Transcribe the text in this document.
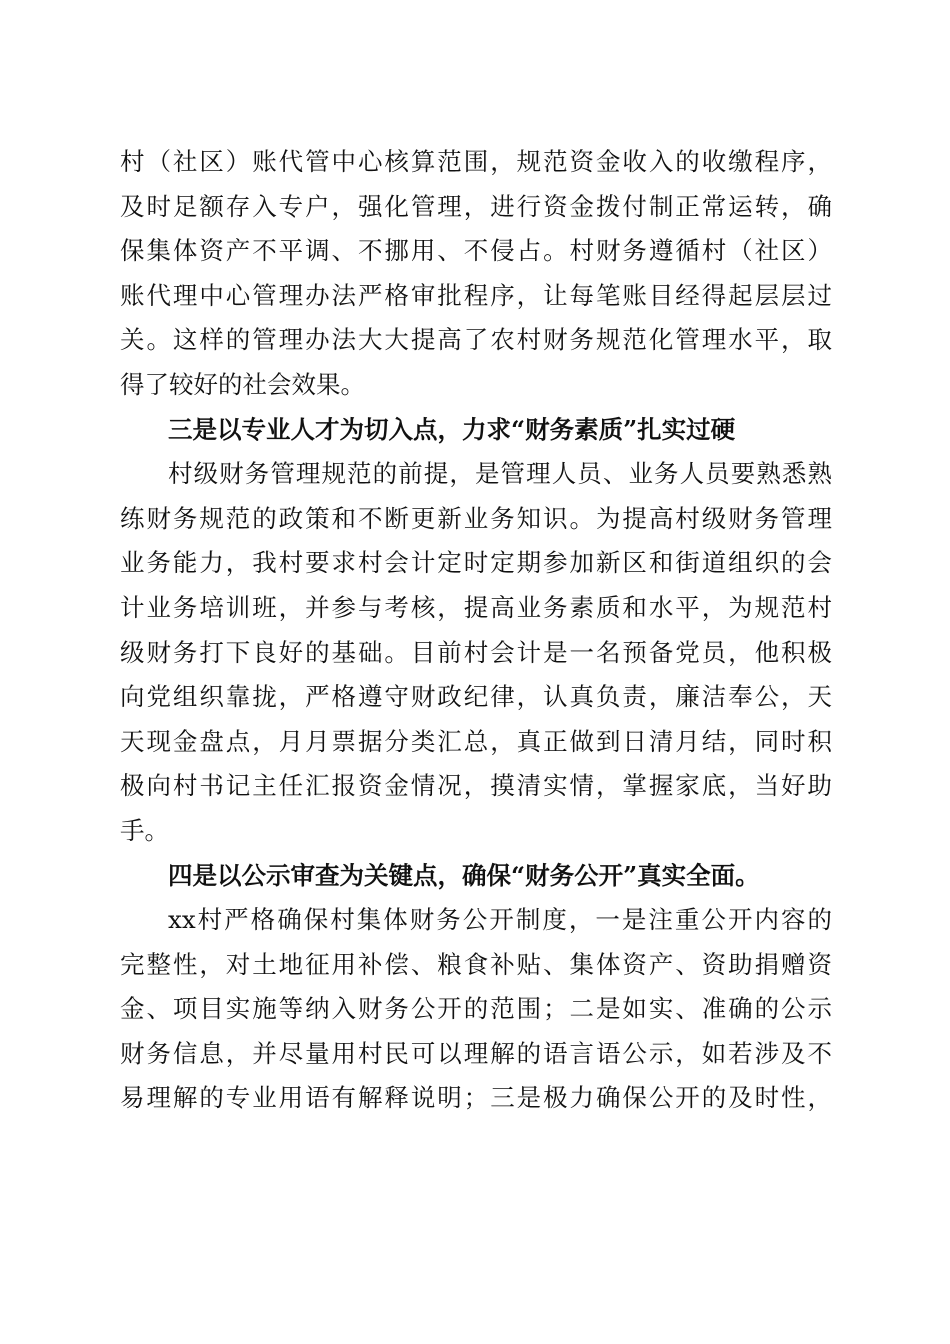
村（社区）账代管中心核算范围，规范资金收入的收缴程序，
及时足额存入专户，强化管理，进行资金拨付制正常运转，确
保集体资产不平调、不挪用、不侵占。村财务遵循村（社区）
账代理中心管理办法严格审批程序，让每笔账目经得起层层过
关。这样的管理办法大大提高了农村财务规范化管理水平，取
得了较好的社会效果。
三是以专业人才为切入点，力求“财务素质”扎实过硬
村级财务管理规范的前提，是管理人员、业务人员要熟悉熟
练财务规范的政策和不断更新业务知识。为提高村级财务管理
业务能力，我村要求村会计定时定期参加新区和街道组织的会
计业务培训班，并参与考核，提高业务素质和水平，为规范村
级财务打下良好的基础。目前村会计是一名预备党员，他积极
向党组织靠拢，严格遵守财政纪律，认真负责，廉洁奉公，天
天现金盘点，月月票据分类汇总，真正做到日清月结，同时积
极向村书记主任汇报资金情况，摸清实情，掌握家底，当好助
手。
四是以公示审查为关键点，确保“财务公开”真实全面。
xx村严格确保村集体财务公开制度，一是注重公开内容的
完整性，对土地征用补偿、粮食补贴、集体资产、资助捐赠资
金、项目实施等纳入财务公开的范围；二是如实、准确的公示
财务信息，并尽量用村民可以理解的语言语公示，如若涉及不
易理解的专业用语有解释说明；三是极力确保公开的及时性，
